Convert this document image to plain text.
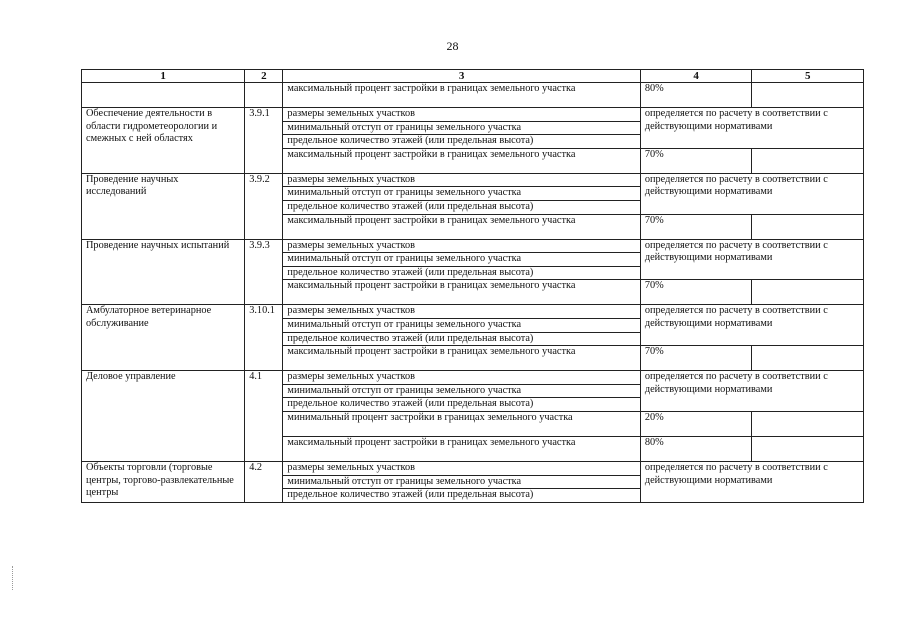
28
1	2	3	4	5
		максимальный процент застройки в границах земельного участка	80%	
Обеспечение деятельности в области гидрометеорологии и смежных с ней областях	3.9.1	размеры земельных участков	определяется по расчету в соответствии с действующими нормативами	
		минимальный отступ от границы земельного участка		
		предельное количество этажей (или предельная высота)		
		максимальный процент застройки в границах земельного участка	70%	
Проведение научных исследований	3.9.2	размеры земельных участков	определяется по расчету в соответствии с действующими нормативами	
		минимальный отступ от границы земельного участка		
		предельное количество этажей (или предельная высота)		
		максимальный процент застройки в границах земельного участка	70%	
Проведение научных испытаний	3.9.3	размеры земельных участков	определяется по расчету в соответствии с действующими нормативами	
		минимальный отступ от границы земельного участка		
		предельное количество этажей (или предельная высота)		
		максимальный процент застройки в границах земельного участка	70%	
Амбулаторное ветеринарное обслуживание	3.10.1	размеры земельных участков	определяется по расчету в соответствии с действующими нормативами	
		минимальный отступ от границы земельного участка		
		предельное количество этажей (или предельная высота)		
		максимальный процент застройки в границах земельного участка	70%	
Деловое управление	4.1	размеры земельных участков	определяется по расчету в соответствии с действующими нормативами	
		минимальный отступ от границы земельного участка		
		предельное количество этажей (или предельная высота)		
		минимальный процент застройки в границах земельного участка	20%	
		максимальный процент застройки в границах земельного участка	80%	
Объекты торговли (торговые центры, торгово-развлекательные центры	4.2	размеры земельных участков	определяется по расчету в соответствии с действующими нормативами	
		минимальный отступ от границы земельного участка		
		предельное количество этажей (или предельная высота)		
